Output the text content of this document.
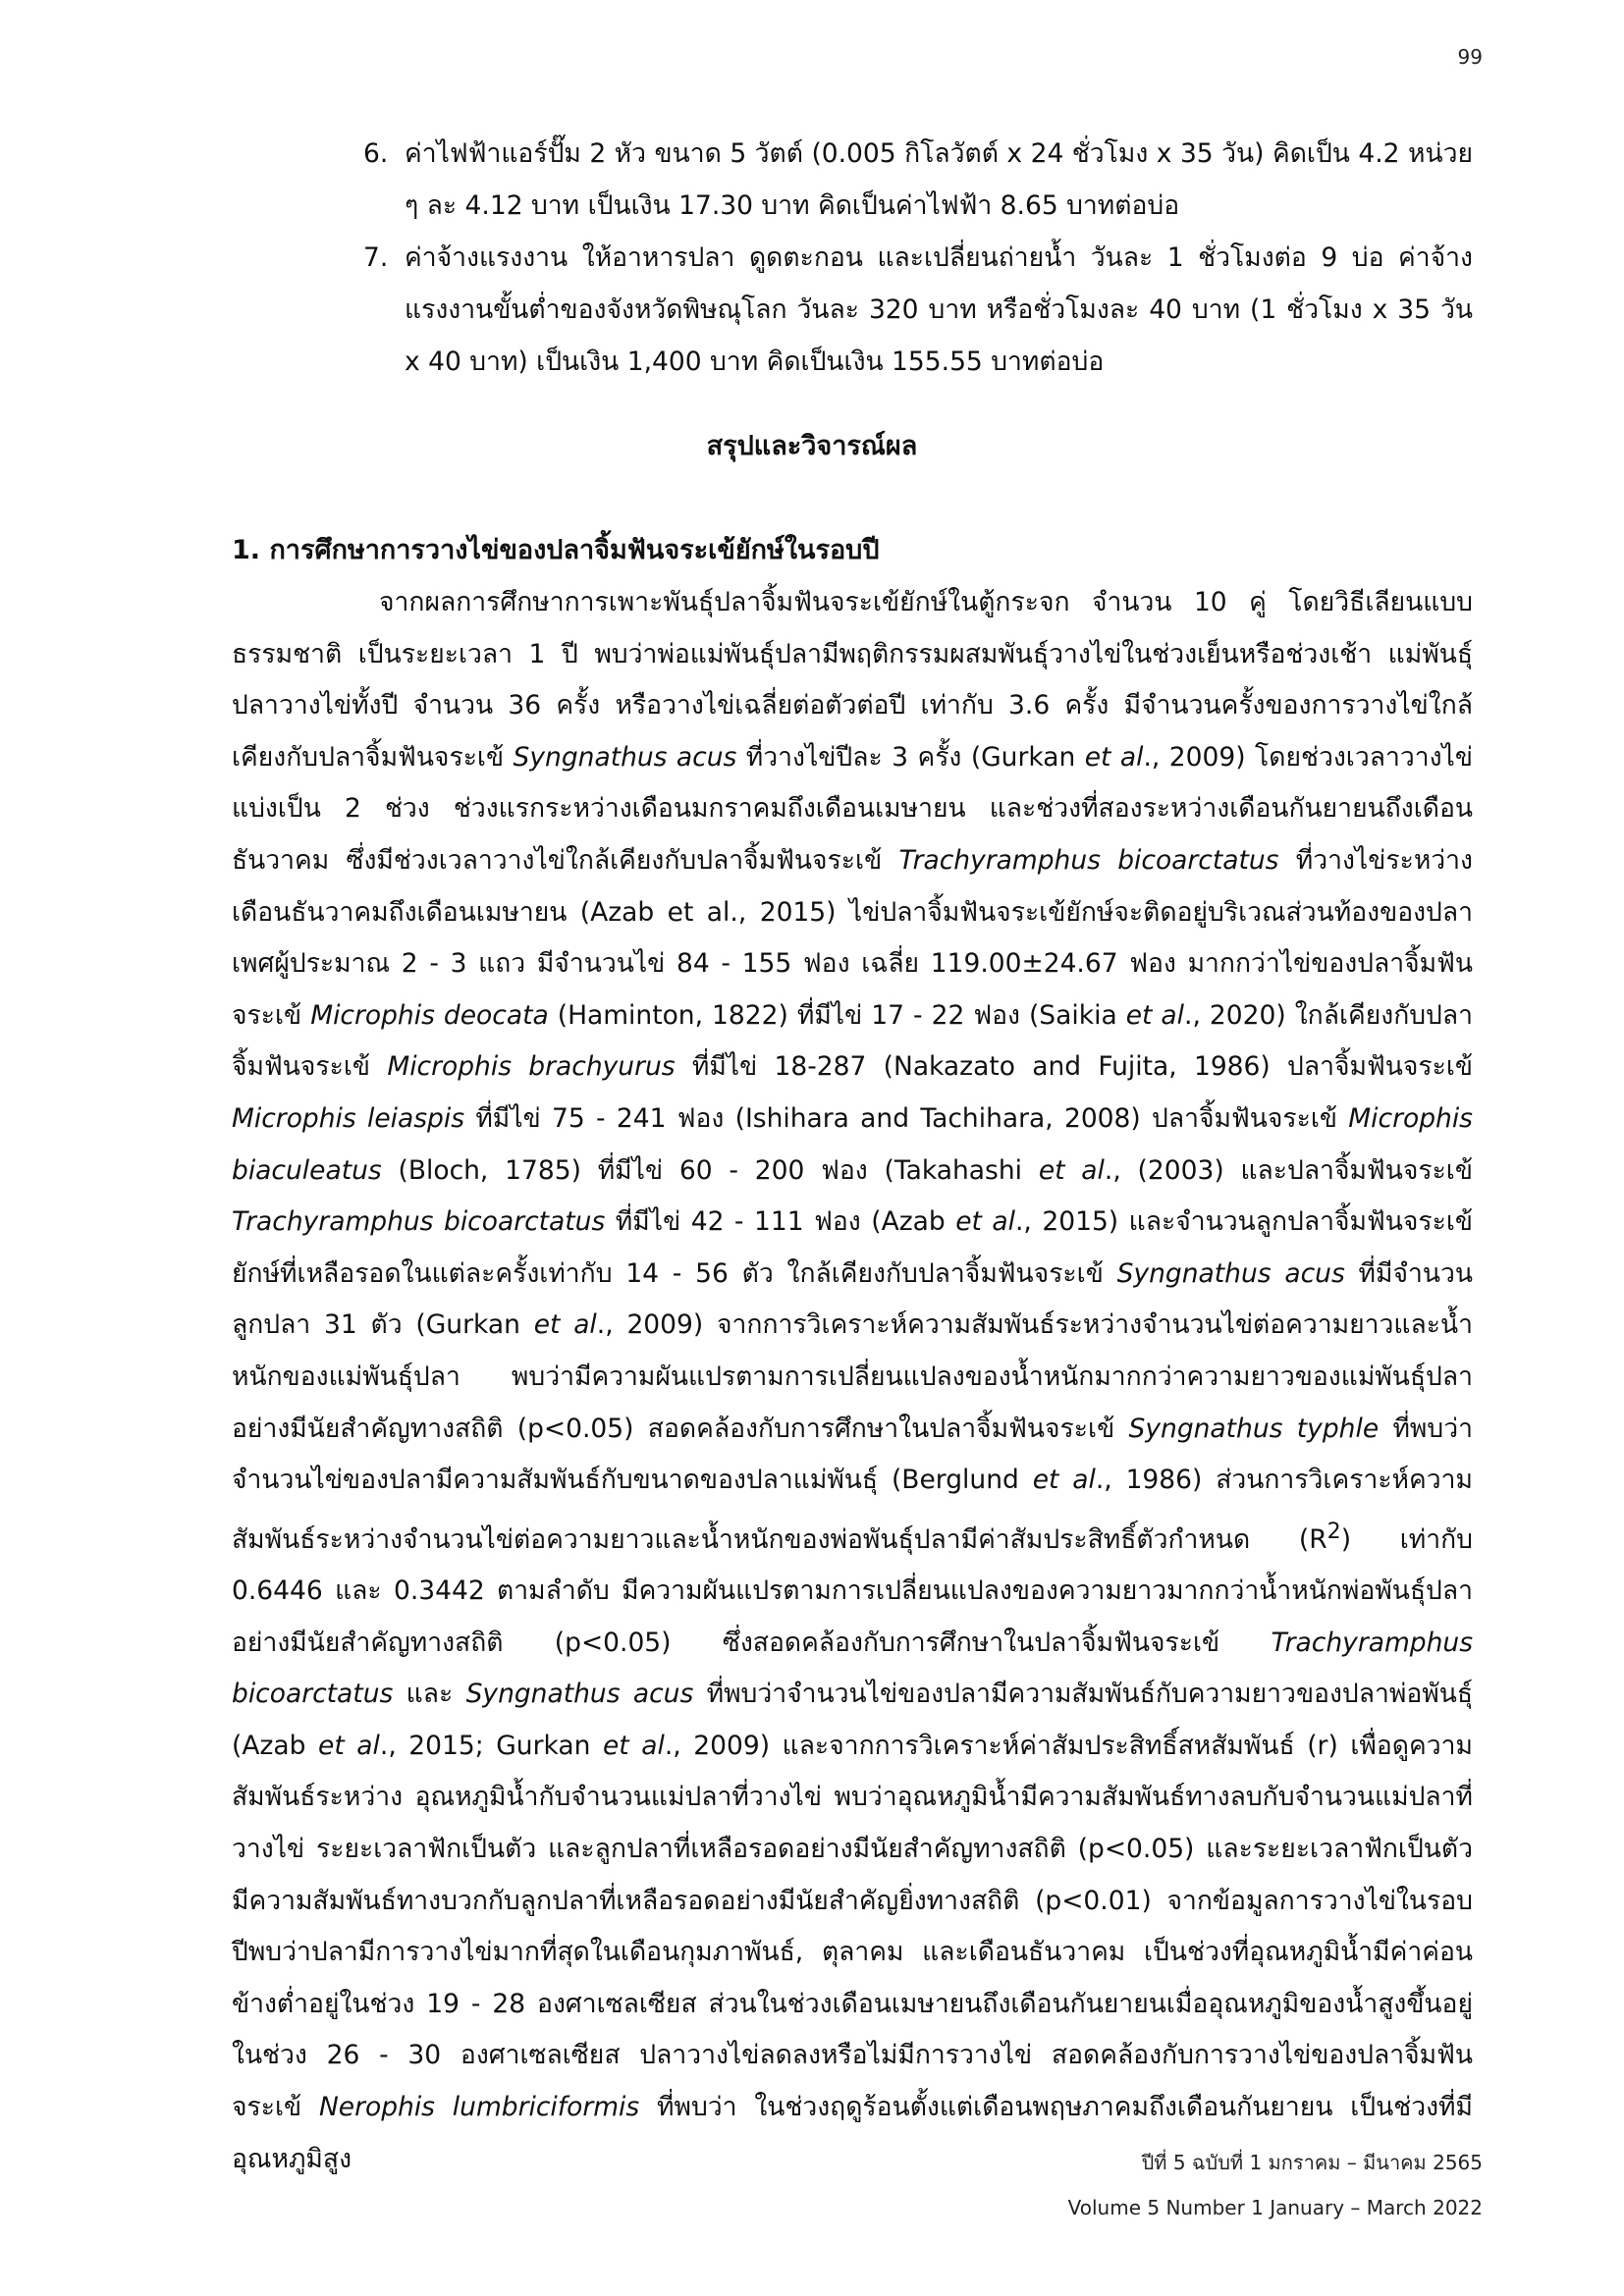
99
6. ค่าไฟฟ้าแอร์ปั๊ม 2 หัว ขนาด 5 วัตต์ (0.005 กิโลวัตต์ x 24 ชั่วโมง x 35 วัน) คิดเป็น 4.2 หน่วย ๆ ละ 4.12 บาท เป็นเงิน 17.30 บาท คิดเป็นค่าไฟฟ้า 8.65 บาทต่อบ่อ
7. ค่าจ้างแรงงาน ให้อาหารปลา ดูดตะกอน และเปลี่ยนถ่ายน้ำ วันละ 1 ชั่วโมงต่อ 9 บ่อ ค่าจ้างแรงงานขั้นต่ำของจังหวัดพิษณุโลก วันละ 320 บาท หรือชั่วโมงละ 40 บาท (1 ชั่วโมง x 35 วัน x 40 บาท) เป็นเงิน 1,400 บาท คิดเป็นเงิน 155.55 บาทต่อบ่อ
สรุปและวิจารณ์ผล
1. การศึกษาการวางไข่ของปลาจิ้มฟันจระเข้ยักษ์ในรอบปี

จากผลการศึกษาการเพาะพันธุ์ปลาจิ้มฟันจระเข้ยักษ์ในตู้กระจก จำนวน 10 คู่ โดยวิธีเลียนแบบธรรมชาติ เป็นระยะเวลา 1 ปี พบว่าพ่อแม่พันธุ์ปลามีพฤติกรรมผสมพันธุ์วางไข่ในช่วงเย็นหรือช่วงเช้า แม่พันธุ์ปลาวางไข่ทั้งปี จำนวน 36 ครั้ง หรือวางไข่เฉลี่ยต่อตัวต่อปี เท่ากับ 3.6 ครั้ง มีจำนวนครั้งของการวางไข่ใกล้เคียงกับปลาจิ้มฟันจระเข้ Syngnathus acus ที่วางไข่ปีละ 3 ครั้ง (Gurkan et al., 2009) โดยช่วงเวลาวางไข่แบ่งเป็น 2 ช่วง ช่วงแรกระหว่างเดือนมกราคมถึงเดือนเมษายน และช่วงที่สองระหว่างเดือนกันยายนถึงเดือนธันวาคม ซึ่งมีช่วงเวลาวางไข่ใกล้เคียงกับปลาจิ้มฟันจระเข้ Trachyramphus bicoarctatus ที่วางไข่ระหว่างเดือนธันวาคมถึงเดือนเมษายน (Azab et al., 2015) ไข่ปลาจิ้มฟันจระเข้ยักษ์จะติดอยู่บริเวณส่วนท้องของปลาเพศผู้ประมาณ 2 - 3 แถว มีจำนวนไข่ 84 - 155 ฟอง เฉลี่ย 119.00±24.67 ฟอง มากกว่าไข่ของปลาจิ้มฟันจระเข้ Microphis deocata (Haminton, 1822) ที่มีไข่ 17 - 22 ฟอง (Saikia et al., 2020) ใกล้เคียงกับปลาจิ้มฟันจระเข้ Microphis brachyurus ที่มีไข่ 18-287 (Nakazato and Fujita, 1986) ปลาจิ้มฟันจระเข้ Microphis leiaspis ที่มีไข่ 75 - 241 ฟอง (Ishihara and Tachihara, 2008) ปลาจิ้มฟันจระเข้ Microphis biaculeatus (Bloch, 1785) ที่มีไข่ 60 - 200 ฟอง (Takahashi et al., (2003) และปลาจิ้มฟันจระเข้ Trachyramphus bicoarctatus ที่มีไข่ 42 - 111 ฟอง (Azab et al., 2015) และจำนวนลูกปลาจิ้มฟันจระเข้ยักษ์ที่เหลือรอดในแต่ละครั้งเท่ากับ 14 - 56 ตัว ใกล้เคียงกับปลาจิ้มฟันจระเข้ Syngnathus acus ที่มีจำนวนลูกปลา 31 ตัว (Gurkan et al., 2009) จากการวิเคราะห์ความสัมพันธ์ระหว่างจำนวนไข่ต่อความยาวและน้ำหนักของแม่พันธุ์ปลา พบว่ามีความผันแปรตามการเปลี่ยนแปลงของน้ำหนักมากกว่าความยาวของแม่พันธุ์ปลาอย่างมีนัยสำคัญทางสถิติ (p<0.05) สอดคล้องกับการศึกษาในปลาจิ้มฟันจระเข้ Syngnathus typhle ที่พบว่าจำนวนไข่ของปลามีความสัมพันธ์กับขนาดของปลาแม่พันธุ์ (Berglund et al., 1986) ส่วนการวิเคราะห์ความสัมพันธ์ระหว่างจำนวนไข่ต่อความยาวและน้ำหนักของพ่อพันธุ์ปลามีค่าสัมประสิทธิ์ตัวกำหนด $(R^2)$ เท่ากับ 0.6446 และ 0.3442 ตามลำดับ มีความผันแปรตามการเปลี่ยนแปลงของความยาวมากกว่าน้ำหนักพ่อพันธุ์ปลาอย่างมีนัยสำคัญทางสถิติ (p<0.05) ซึ่งสอดคล้องกับการศึกษาในปลาจิ้มฟันจระเข้ Trachyramphus bicoarctatus และ Syngnathus acus ที่พบว่าจำนวนไข่ของปลามีความสัมพันธ์กับความยาวของปลาพ่อพันธุ์ (Azab et al., 2015; Gurkan et al., 2009) และจากการวิเคราะห์ค่าสัมประสิทธิ์สหสัมพันธ์ (r) เพื่อดูความสัมพันธ์ระหว่าง อุณหภูมิน้ำกับจำนวนแม่ปลาที่วางไข่ พบว่าอุณหภูมิน้ำมีความสัมพันธ์ทางลบกับจำนวนแม่ปลาที่วางไข่ ระยะเวลาฟักเป็นตัว และลูกปลาที่เหลือรอดอย่างมีนัยสำคัญทางสถิติ (p<0.05) และระยะเวลาฟักเป็นตัวมีความสัมพันธ์ทางบวกกับลูกปลาที่เหลือรอดอย่างมีนัยสำคัญยิ่งทางสถิติ (p<0.01) จากข้อมูลการวางไข่ในรอบปีพบว่าปลามีการวางไข่มากที่สุดในเดือนกุมภาพันธ์, ตุลาคม และเดือนธันวาคม เป็นช่วงที่อุณหภูมิน้ำมีค่าค่อนข้างต่ำอยู่ในช่วง 19 - 28 องศาเซลเซียส ส่วนในช่วงเดือนเมษายนถึงเดือนกันยายนเมื่ออุณหภูมิของน้ำสูงขึ้นอยู่ในช่วง 26 - 30 องศาเซลเซียส ปลาวางไข่ลดลงหรือไม่มีการวางไข่ สอดคล้องกับการวางไข่ของปลาจิ้มฟันจระเข้ Nerophis lumbriciformis ที่พบว่า ในช่วงฤดูร้อนตั้งแต่เดือนพฤษภาคมถึงเดือนกันยายน เป็นช่วงที่มีอุณหภูมิสูง	ปีที่ 5 ฉบับที่ 1 มกราคม – มีนาคม 2565
Volume 5 Number 1 January – March 2022
